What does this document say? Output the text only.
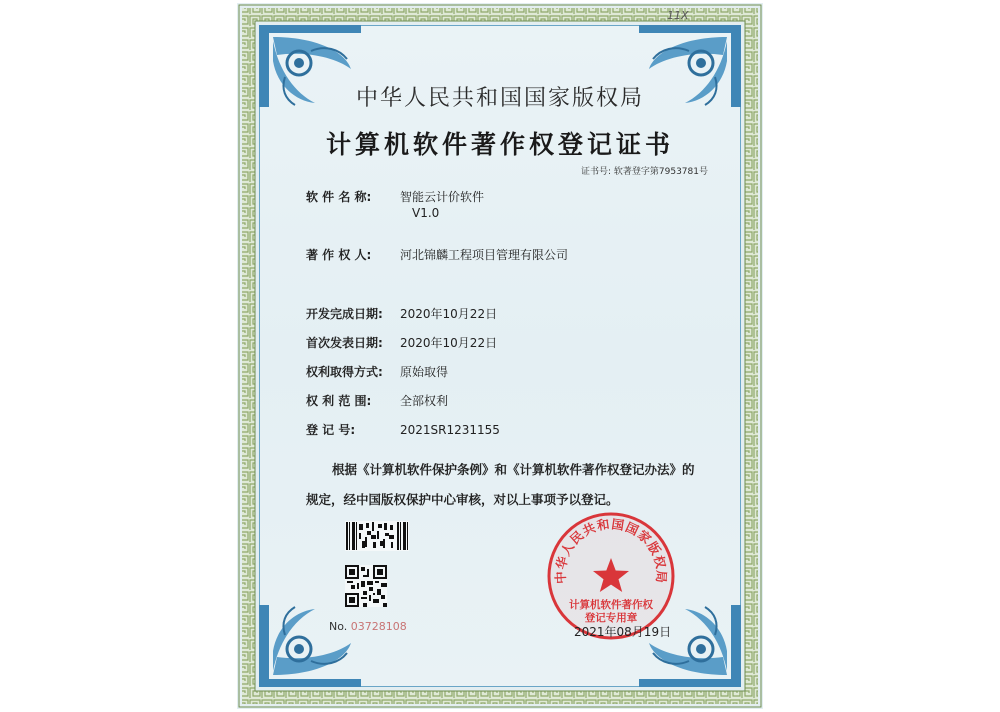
11X
中华人民共和国国家版权局
计算机软件著作权登记证书
证书号: 软著登字第7953781号
软 件 名 称: 智能云计价软件
V1.0
著 作 权 人: 河北锦麟工程项目管理有限公司
开发完成日期: 2020年10月22日
首次发表日期: 2020年10月22日
权利取得方式: 原始取得
权 利 范 围: 全部权利
登 记 号:	2021SR1231155
根据《计算机软件保护条例》和《计算机软件著作权登记办法》的
规定，经中国版权保护中心审核，对以上事项予以登记。
No. 03728108
中华人民共和国国家版权局
计算机软件著作权
登记专用章
2021年08月19日
